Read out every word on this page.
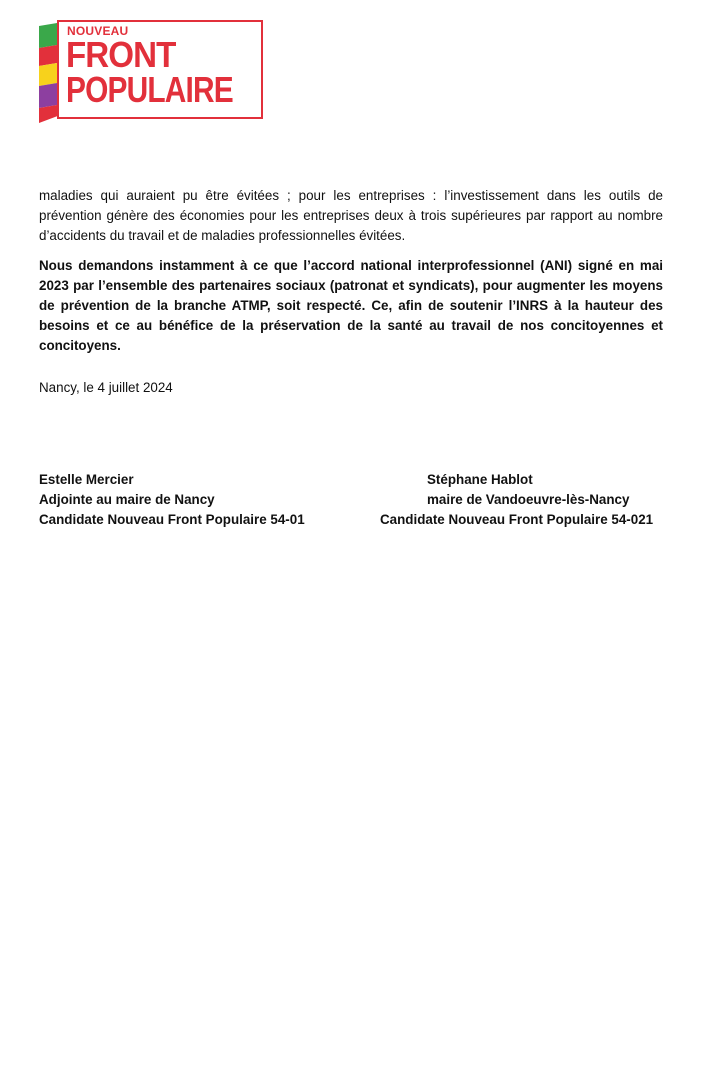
NOUVEAU
FRONT
POPULAIRE

maladies qui auraient pu être évitées ; pour les entreprises : l’investissement dans les outils de prévention génère des économies pour les entreprises deux à trois supérieures par rapport au nombre d’accidents du travail et de maladies professionnelles évitées.

Nous demandons instamment à ce que l’accord national interprofessionnel (ANI) signé en mai 2023 par l’ensemble des partenaires sociaux (patronat et syndicats), pour augmenter les moyens de prévention de la branche ATMP, soit respecté. Ce, afin de soutenir l’INRS à la hauteur des besoins et ce au bénéfice de la préservation de la santé au travail de nos concitoyennes et concitoyens.

Nancy, le 4 juillet 2024

Estelle Mercier
Adjointe au maire de Nancy
Candidate Nouveau Front Populaire 54-01
Stéphane Hablot
maire de Vandoeuvre-lès-Nancy
Candidate Nouveau Front Populaire 54-021
